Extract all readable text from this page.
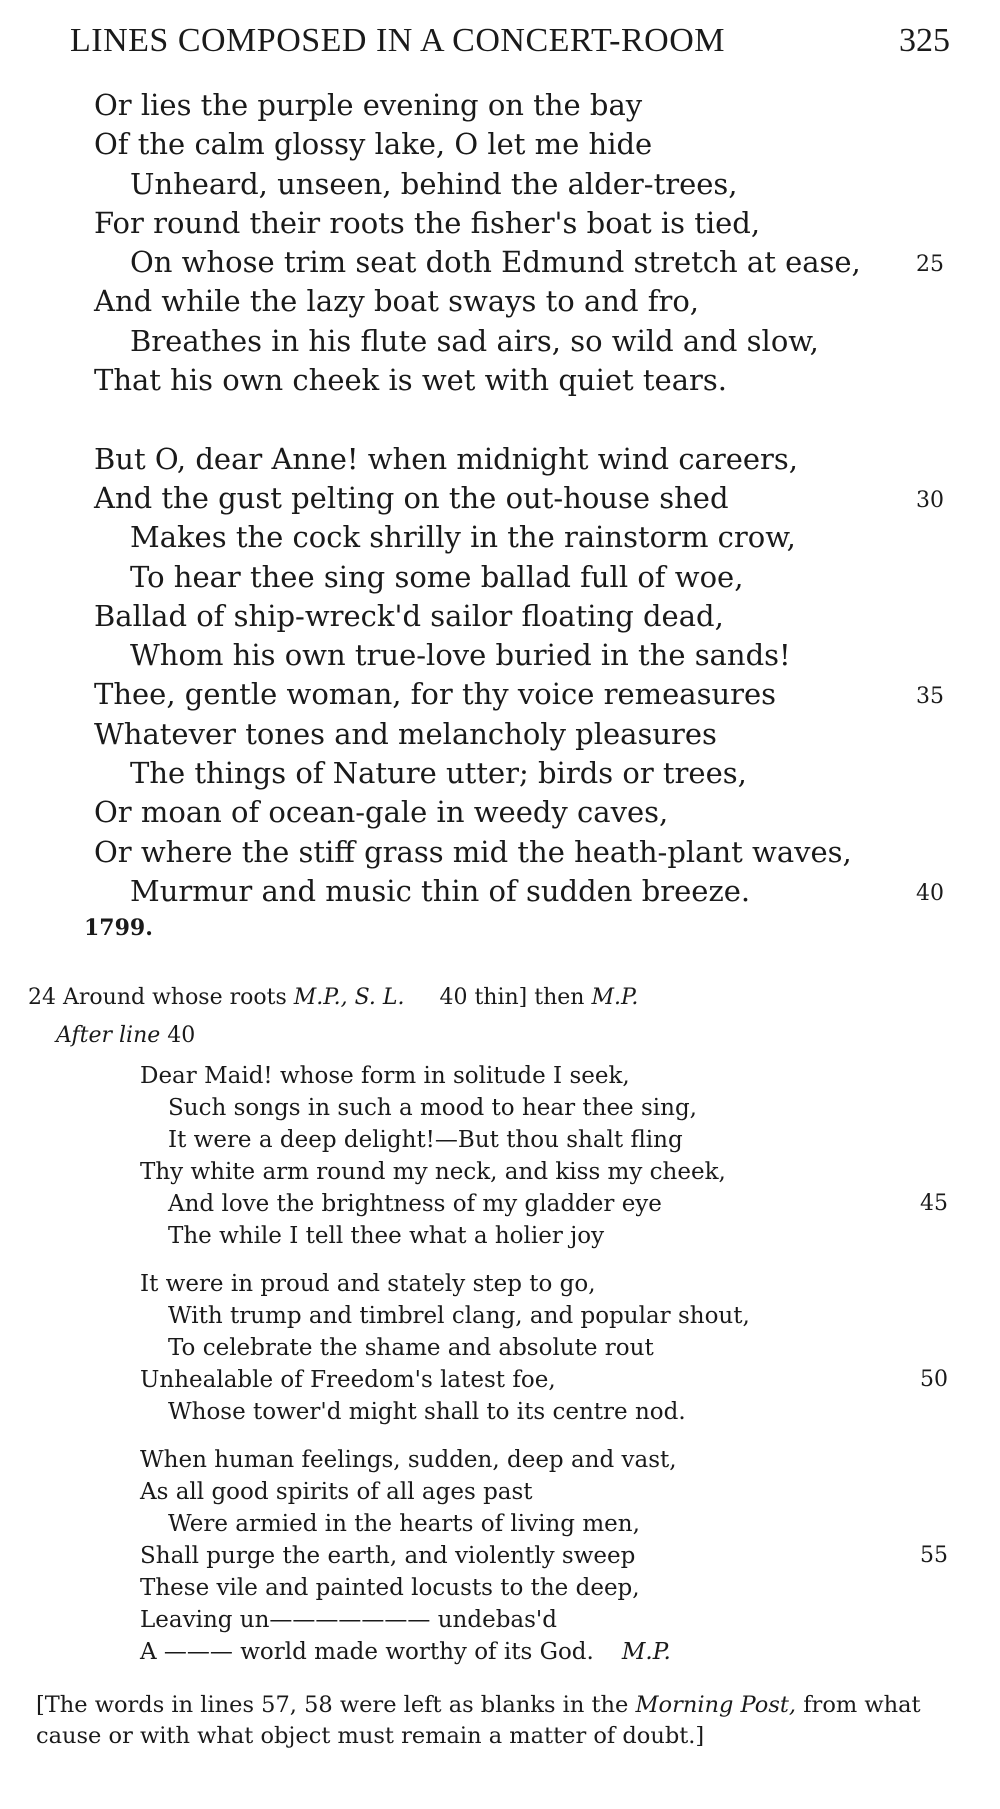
LINES COMPOSED IN A CONCERT-ROOM	325
Or lies the purple evening on the bay
Of the calm glossy lake, O let me hide
Unheard, unseen, behind the alder-trees,
For round their roots the fisher's boat is tied,
On whose trim seat doth Edmund stretch at ease,	25
And while the lazy boat sways to and fro,
Breathes in his flute sad airs, so wild and slow,
That his own cheek is wet with quiet tears.
But O, dear Anne! when midnight wind careers,
And the gust pelting on the out-house shed	30
Makes the cock shrilly in the rainstorm crow,
To hear thee sing some ballad full of woe,
Ballad of ship-wreck'd sailor floating dead,
Whom his own true-love buried in the sands!
Thee, gentle woman, for thy voice remeasures	35
Whatever tones and melancholy pleasures
The things of Nature utter; birds or trees,
Or moan of ocean-gale in weedy caves,
Or where the stiff grass mid the heath-plant waves,
Murmur and music thin of sudden breeze.	40
1799.
24 Around whose roots M.P., S. L. 40 thin] then M.P.
After line 40
Dear Maid! whose form in solitude I seek,
Such songs in such a mood to hear thee sing,
It were a deep delight!—But thou shalt fling
Thy white arm round my neck, and kiss my cheek,
And love the brightness of my gladder eye	45
The while I tell thee what a holier joy
It were in proud and stately step to go,
With trump and timbrel clang, and popular shout,
To celebrate the shame and absolute rout
Unhealable of Freedom's latest foe,	50
Whose tower'd might shall to its centre nod.
When human feelings, sudden, deep and vast,
As all good spirits of all ages past
Were armied in the hearts of living men,
Shall purge the earth, and violently sweep	55
These vile and painted locusts to the deep,
Leaving un——————— undebas'd
A ——— world made worthy of its God. M.P.
[The words in lines 57, 58 were left as blanks in the Morning Post, from what cause or with what object must remain a matter of doubt.]
